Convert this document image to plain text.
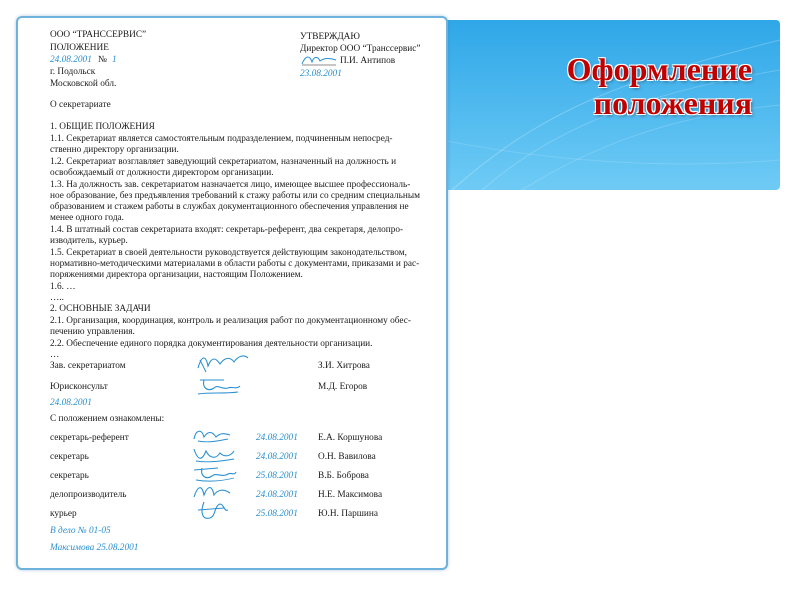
Оформление
положения
ООО “ТРАНССЕРВИС”
ПОЛОЖЕНИЕ
24.08.2001 № 1
г. Подольск
Московской обл.
УТВЕРЖДАЮ
Директор ООО “Транссервис”
П.И. Антипов
23.08.2001
О секретариате
1. ОБЩИЕ ПОЛОЖЕНИЯ
1.1. Секретариат является самостоятельным подразделением, подчиненным непосред-
ственно директору организации.
1.2. Секретариат возглавляет заведующий секретариатом, назначенный на должность и
освобождаемый от должности директором организации.
1.3. На должность зав. секретариатом назначается лицо, имеющее высшее профессиональ-
ное образование, без предъявления требований к стажу работы или со средним специальным
образованием и стажем работы в службах документационного обеспечения управления не
менее одного года.
1.4. В штатный состав секретариата входят: секретарь-референт, два секретаря, делопро-
изводитель, курьер.
1.5. Секретариат в своей деятельности руководствуется действующим законодательством,
нормативно-методическими материалами в области работы с документами, приказами и рас-
поряжениями директора организации, настоящим Положением.
1.6. …
…..
2. ОСНОВНЫЕ ЗАДАЧИ
2.1. Организация, координация, контроль и реализация работ по документационному обес-
печению управления.
2.2. Обеспечение единого порядка документирования деятельности организации.
…
Зав. секретариатом	З.И. Хитрова
Юрисконсульт	М.Д. Егоров
24.08.2001
С положением ознакомлены:
секретарь-референт	24.08.2001 Е.А. Коршунова
секретарь	24.08.2001 О.Н. Вавилова
секретарь	25.08.2001 В.Б. Боброва
делопроизводитель	24.08.2001 Н.Е. Максимова
курьер	25.08.2001 Ю.Н. Паршина
В дело № 01-05
Максимова 25.08.2001
